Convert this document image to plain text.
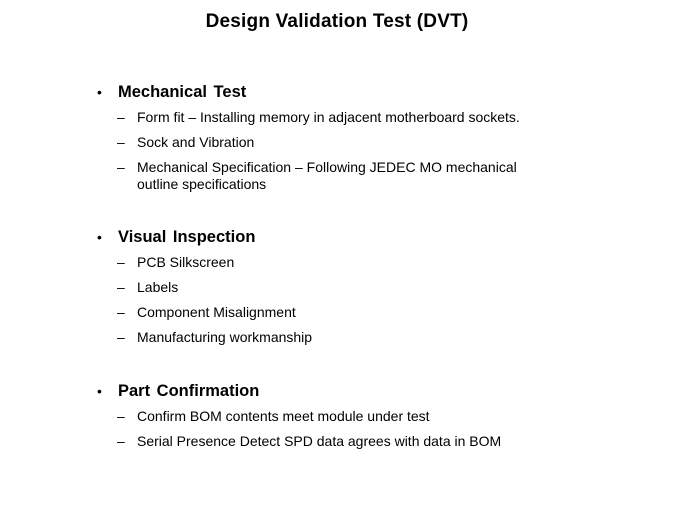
Design Validation Test (DVT)
• Mechanical Test
– Form fit – Installing memory in adjacent motherboard sockets.
– Sock and Vibration
– Mechanical Specification – Following JEDEC MO mechanical outline specifications
• Visual Inspection
– PCB Silkscreen
– Labels
– Component Misalignment
– Manufacturing workmanship
• Part Confirmation
– Confirm BOM contents meet module under test
– Serial Presence Detect SPD data agrees with data in BOM
